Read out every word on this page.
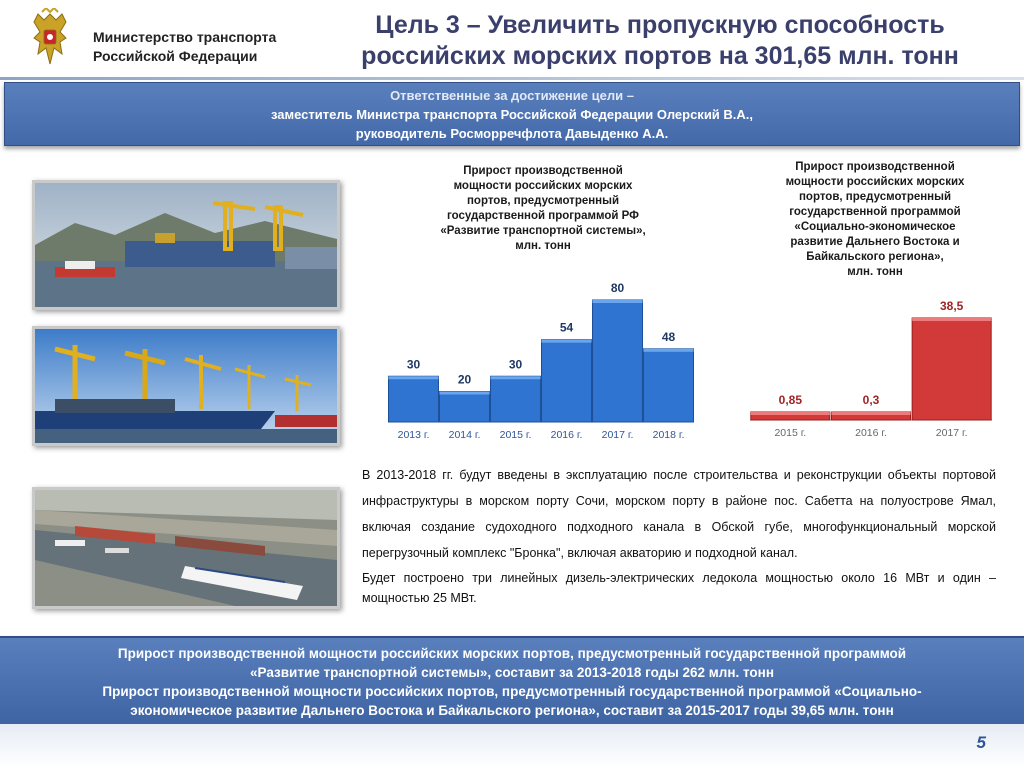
Министерство транспорта
Российской Федерации
Цель 3 – Увеличить пропускную способность
российских морских портов на 301,65 млн. тонн
Ответственные за достижение цели –
заместитель Министра транспорта Российской Федерации Олерский В.А.,
руководитель Росморречфлота Давыденко А.А.
Прирост производственной
мощности российских морских
портов, предусмотренный
государственной программой РФ
«Развитие транспортной системы»,
млн. тонн
30
2013 г.
20
2014 г.
30
2015 г.
54
2016 г.
80
2017 г.
48
2018 г.
Прирост производственной
мощности российских морских
портов, предусмотренный
государственной программой
«Социально-экономическое
развитие Дальнего Востока и
Байкальского региона»,
млн. тонн
0,85
2015 г.
0,3
2016 г.
38,5
2017 г.

В 2013-2018 гг. будут введены в эксплуатацию после строительства и реконструкции объекты портовой инфраструктуры в морском порту Сочи, морском порту в районе пос. Сабетта на полуострове Ямал, включая создание судоходного подходного канала в Обской губе, многофункциональный морской перегрузочный комплекс "Бронка", включая акваторию и подходной канал.

Будет построено три линейных дизель-электрических ледокола мощностью около 16 МВт и один – мощностью 25 МВт.

Прирост производственной мощности российских морских портов, предусмотренный государственной программой
«Развитие транспортной системы», составит за 2013-2018 годы 262 млн. тонн
Прирост производственной мощности российских портов, предусмотренный государственной программой «Социально-
экономическое развитие Дальнего Востока и Байкальского региона», составит за 2015-2017 годы 39,65 млн. тонн
5
